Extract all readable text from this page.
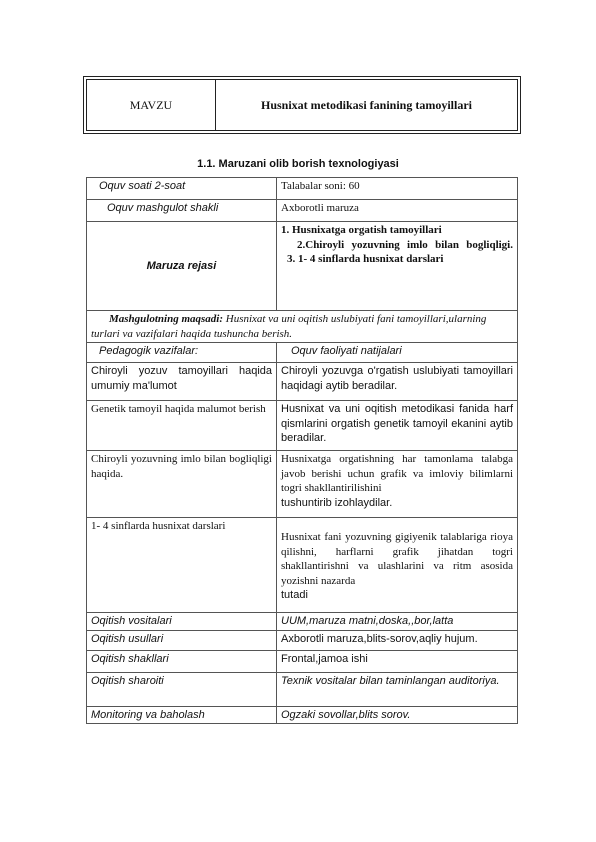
MAVZU	Husnixat metodikasi fanining tamoyillari
1.1. Maruzani olib borish texnologiyasi
Oquv soati 2-soat	Talabalar soni: 60
Oquv mashgulot shakli	Axborotli maruza
Maruza rejasi	1. Husnixatga orgatish tamoyillari
2.Chiroyli yozuvning imlo bilan bogliqligi.
3. 1- 4 sinflarda husnixat darslari

Mashgulotning maqsadi: Husnixat va uni oqitish uslubiyati fani tamoyillari,ularning turlari va vazifalari haqida tushuncha berish.	
Pedagogik vazifalar:	Oquv faoliyati natijalari
Chiroyli yozuv tamoyillari haqida umumiy ma'lumot	Chiroyli yozuvga o'rgatish uslubiyati tamoyillari haqidagi aytib beradilar.
Genetik tamoyil haqida malumot berish	Husnixat va uni oqitish metodikasi fanida harf qismlarini orgatish genetik tamoyil ekanini aytib beradilar.
Chiroyli yozuvning imlo bilan bogliqligi haqida.	Husnixatga orgatishning har tamonlama talabga javob berishi uchun grafik va imloviy bilimlarni togri shakllantirilishini
tushuntirib izohlaydilar.

1- 4 sinflarda husnixat darslari	Husnixat fani yozuvning gigiyenik talablariga rioya qilishni, harflarni grafik jihatdan togri shakllantirishni va ulashlarini va ritm asosida yozishni nazarda
tutadi

Oqitish vositalari	UUM,maruza matni,doska,,bor,latta
Oqitish usullari	Axborotli maruza,blits-sorov,aqliy hujum.
Oqitish shakllari	Frontal,jamoa ishi
Oqitish sharoiti	Texnik vositalar bilan taminlangan auditoriya.
Monitoring va baholash	Ogzaki sovollar,blits sorov.
